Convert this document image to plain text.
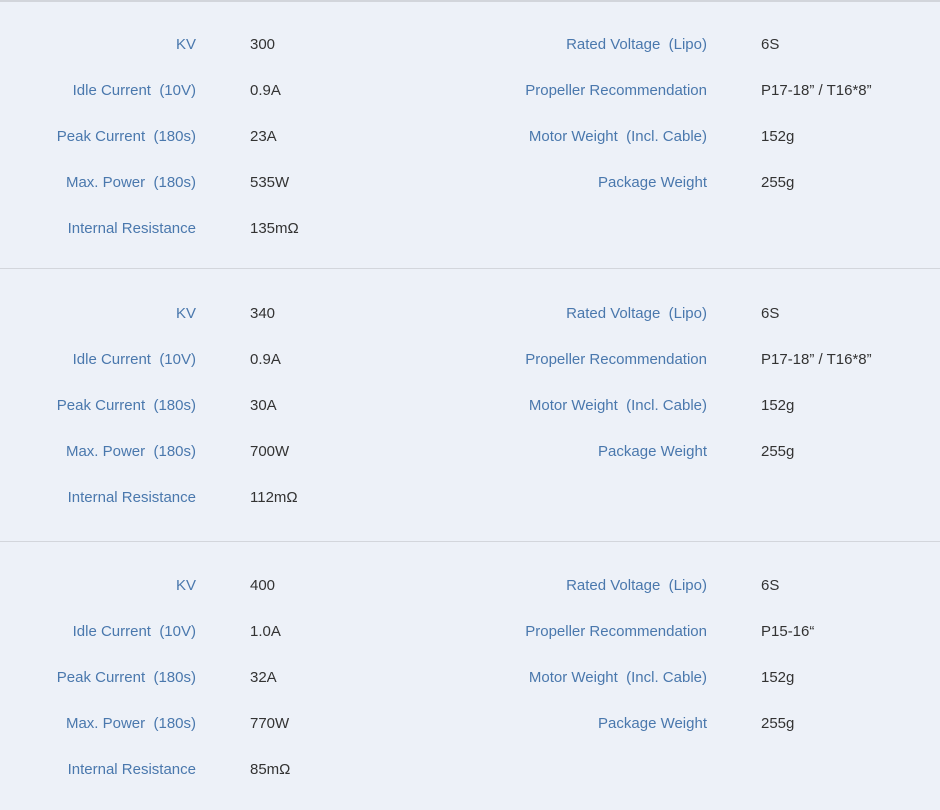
KV	300	Rated Voltage  (Lipo)	6S
Idle Current  (10V)	0.9A	Propeller Recommendation	P17-18” / T16*8”
Peak Current  (180s)	23A	Motor Weight  (Incl. Cable)	152g
Max. Power  (180s)	535W	Package Weight	255g
Internal Resistance	135mΩ
KV	340	Rated Voltage  (Lipo)	6S
Idle Current  (10V)	0.9A	Propeller Recommendation	P17-18” / T16*8”
Peak Current  (180s)	30A	Motor Weight  (Incl. Cable)	152g
Max. Power  (180s)	700W	Package Weight	255g
Internal Resistance	112mΩ
KV	400	Rated Voltage  (Lipo)	6S
Idle Current  (10V)	1.0A	Propeller Recommendation	P15-16“
Peak Current  (180s)	32A	Motor Weight  (Incl. Cable)	152g
Max. Power  (180s)	770W	Package Weight	255g
Internal Resistance	85mΩ
